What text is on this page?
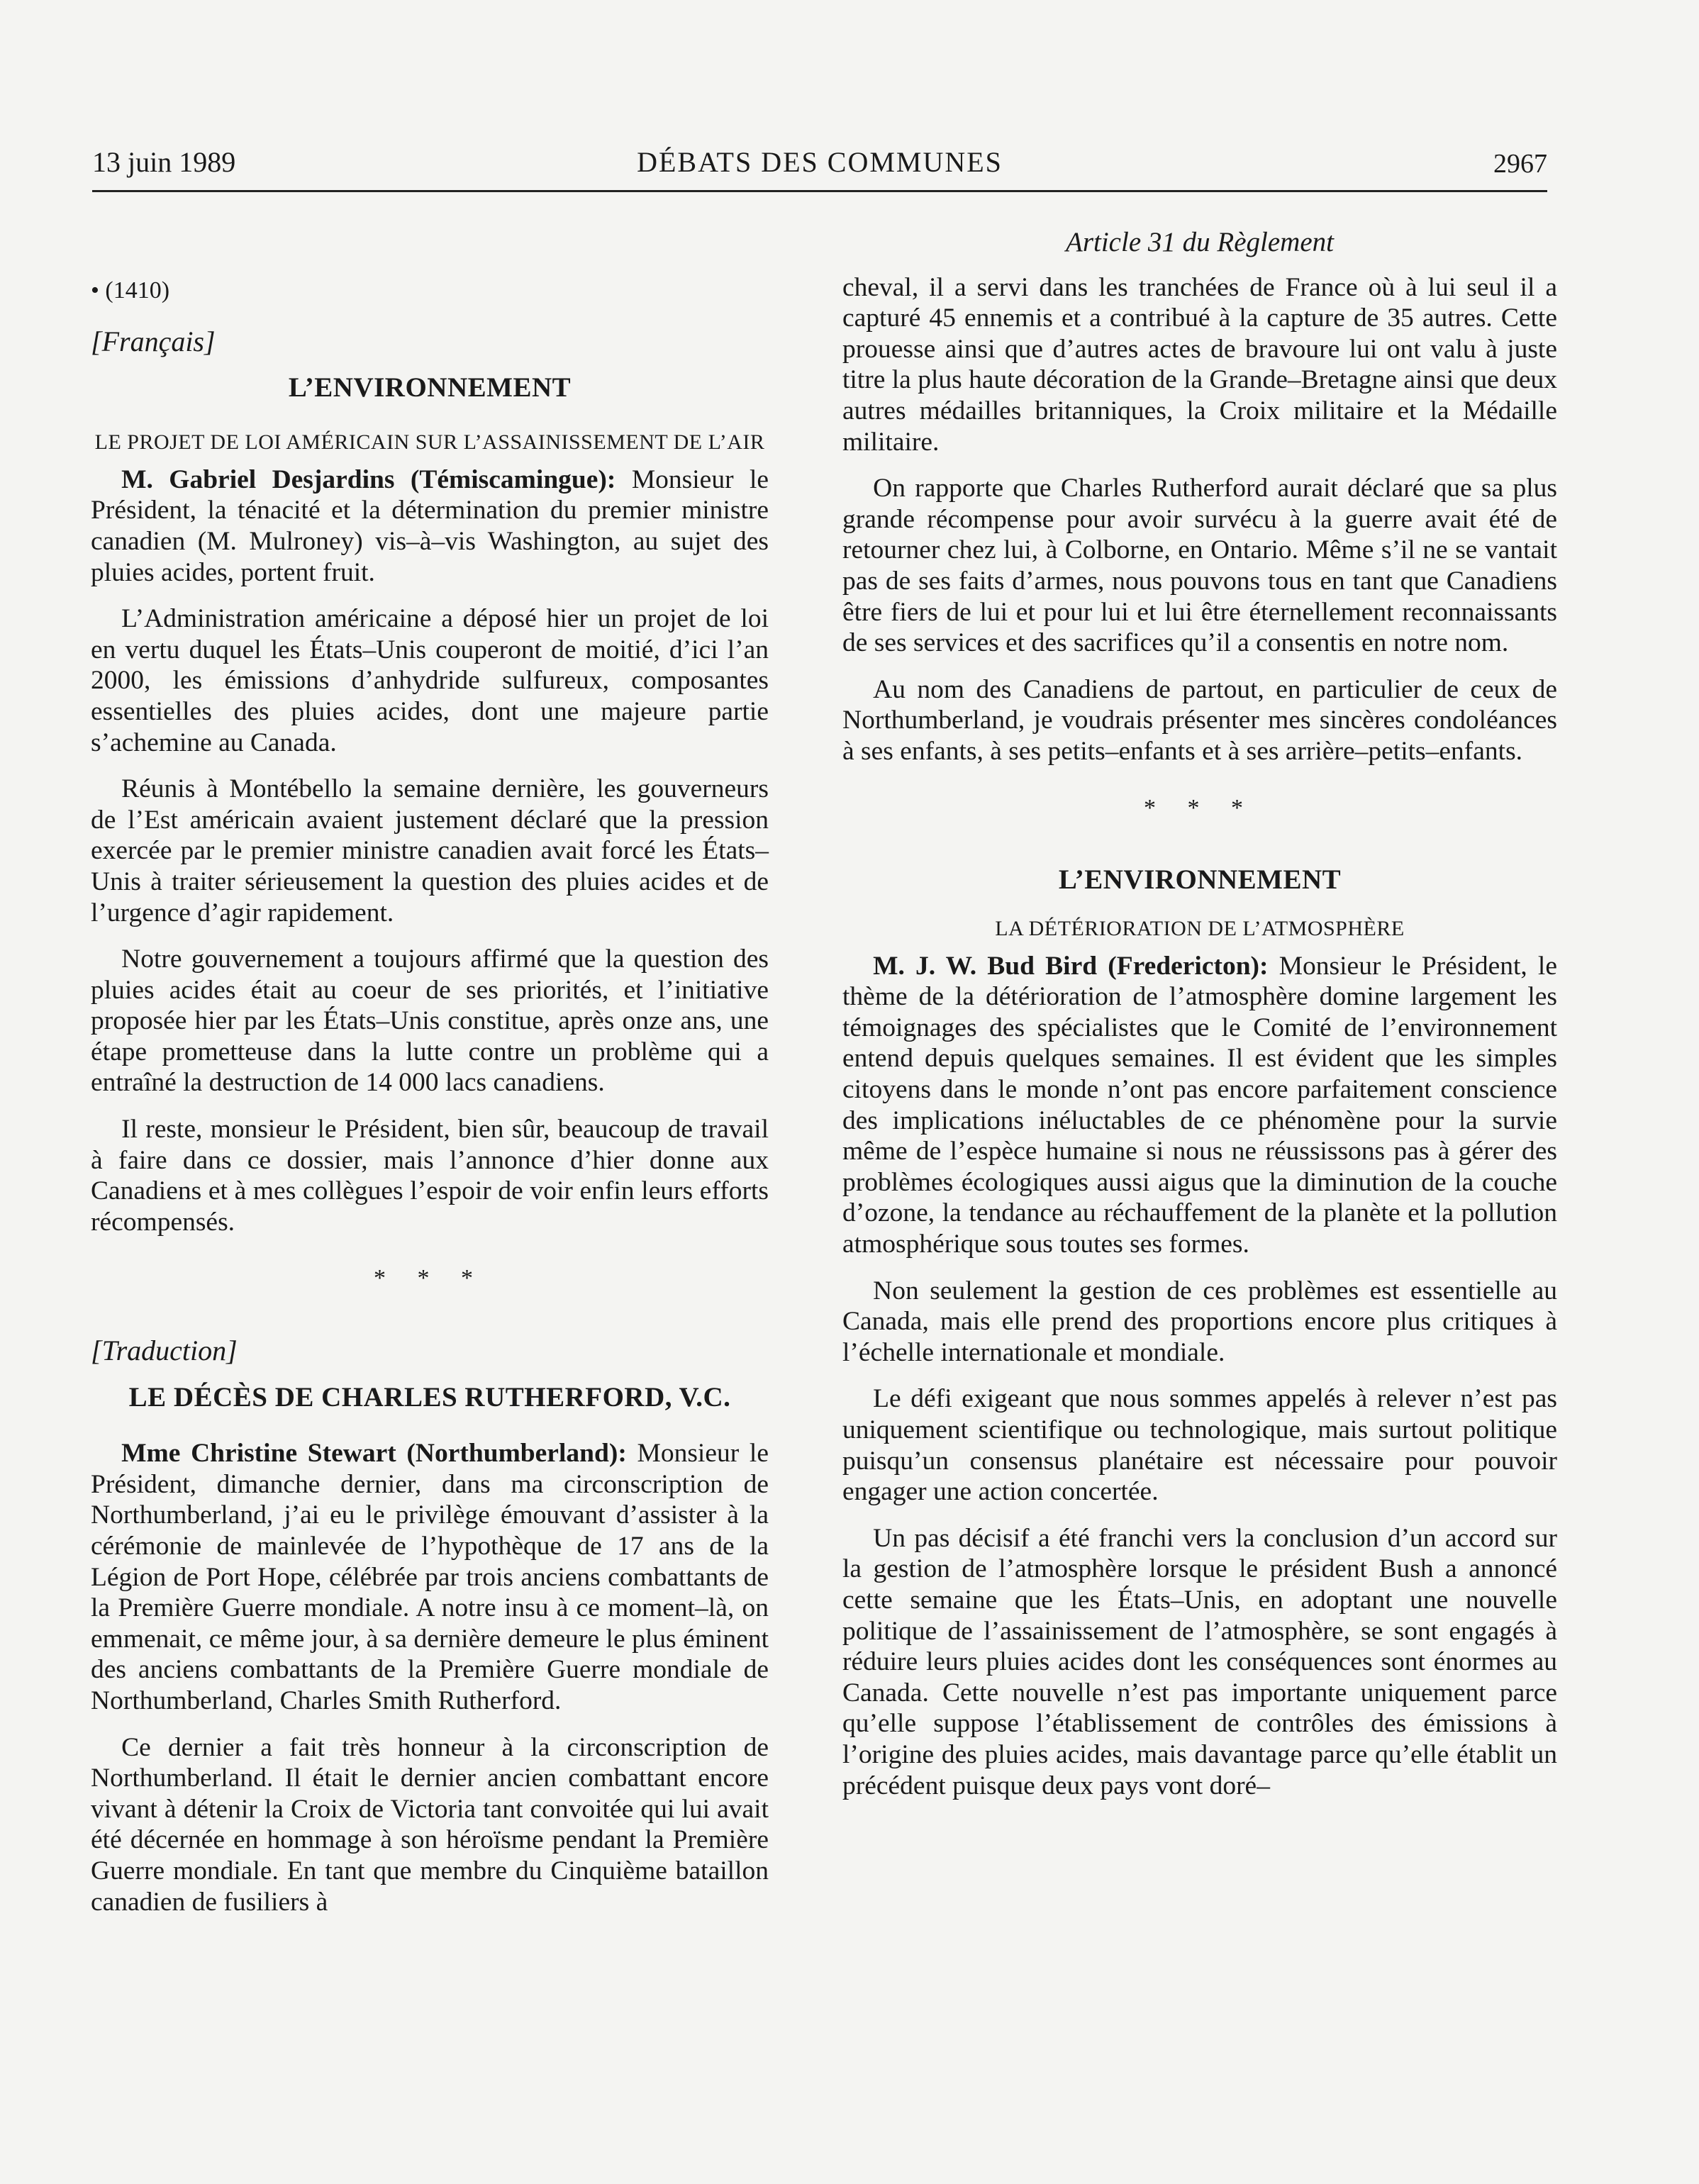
13 juin 1989	DÉBATS DES COMMUNES	2967
• (1410)
[Français]
L’ENVIRONNEMENT
LE PROJET DE LOI AMÉRICAIN SUR L’ASSAINISSEMENT DE L’AIR

M. Gabriel Desjardins (Témiscamingue): Monsieur le Président, la ténacité et la détermination du premier ministre canadien (M. Mulroney) vis–à–vis Washington, au sujet des pluies acides, portent fruit.

L’Administration américaine a déposé hier un projet de loi en vertu duquel les États–Unis couperont de moitié, d’ici l’an 2000, les émissions d’anhydride sulfureux, composantes essentielles des pluies acides, dont une majeure partie s’achemine au Canada.

Réunis à Montébello la semaine dernière, les gouverneurs de l’Est américain avaient justement déclaré que la pression exercée par le premier ministre canadien avait forcé les États–Unis à traiter sérieusement la question des pluies acides et de l’urgence d’agir rapidement.

Notre gouvernement a toujours affirmé que la question des pluies acides était au coeur de ses priorités, et l’initiative proposée hier par les États–Unis constitue, après onze ans, une étape prometteuse dans la lutte contre un problème qui a entraîné la destruction de 14 000 lacs canadiens.

Il reste, monsieur le Président, bien sûr, beaucoup de travail à faire dans ce dossier, mais l’annonce d’hier donne aux Canadiens et à mes collègues l’espoir de voir enfin leurs efforts récompensés.

* * *
[Traduction]
LE DÉCÈS DE CHARLES RUTHERFORD, V.C.

Mme Christine Stewart (Northumberland): Monsieur le Président, dimanche dernier, dans ma circonscription de Northumberland, j’ai eu le privilège émouvant d’assister à la cérémonie de mainlevée de l’hypothèque de 17 ans de la Légion de Port Hope, célébrée par trois anciens combattants de la Première Guerre mondiale. A notre insu à ce moment–là, on emmenait, ce même jour, à sa dernière demeure le plus éminent des anciens combattants de la Première Guerre mondiale de Northumberland, Charles Smith Rutherford.

Ce dernier a fait très honneur à la circonscription de Northumberland. Il était le dernier ancien combattant encore vivant à détenir la Croix de Victoria tant convoitée qui lui avait été décernée en hommage à son héroïsme pendant la Première Guerre mondiale. En tant que membre du Cinquième bataillon canadien de fusiliers à

Article 31 du Règlement

cheval, il a servi dans les tranchées de France où à lui seul il a capturé 45 ennemis et a contribué à la capture de 35 autres. Cette prouesse ainsi que d’autres actes de bravoure lui ont valu à juste titre la plus haute décoration de la Grande–Bretagne ainsi que deux autres médailles britanniques, la Croix militaire et la Médaille militaire.

On rapporte que Charles Rutherford aurait déclaré que sa plus grande récompense pour avoir survécu à la guerre avait été de retourner chez lui, à Colborne, en Ontario. Même s’il ne se vantait pas de ses faits d’armes, nous pouvons tous en tant que Canadiens être fiers de lui et pour lui et lui être éternellement reconnaissants de ses services et des sacrifices qu’il a consentis en notre nom.

Au nom des Canadiens de partout, en particulier de ceux de Northumberland, je voudrais présenter mes sincères condoléances à ses enfants, à ses petits–enfants et à ses arrière–petits–enfants.

* * *
L’ENVIRONNEMENT
LA DÉTÉRIORATION DE L’ATMOSPHÈRE

M. J. W. Bud Bird (Fredericton): Monsieur le Président, le thème de la détérioration de l’atmosphère domine largement les témoignages des spécialistes que le Comité de l’environnement entend depuis quelques semaines. Il est évident que les simples citoyens dans le monde n’ont pas encore parfaitement conscience des implications inéluctables de ce phénomène pour la survie même de l’espèce humaine si nous ne réussissons pas à gérer des problèmes écologiques aussi aigus que la diminution de la couche d’ozone, la tendance au réchauffement de la planète et la pollution atmosphérique sous toutes ses formes.

Non seulement la gestion de ces problèmes est essentielle au Canada, mais elle prend des proportions encore plus critiques à l’échelle internationale et mondiale.

Le défi exigeant que nous sommes appelés à relever n’est pas uniquement scientifique ou technologique, mais surtout politique puisqu’un consensus planétaire est nécessaire pour pouvoir engager une action concertée.

Un pas décisif a été franchi vers la conclusion d’un accord sur la gestion de l’atmosphère lorsque le président Bush a annoncé cette semaine que les États–Unis, en adoptant une nouvelle politique de l’assainissement de l’atmosphère, se sont engagés à réduire leurs pluies acides dont les conséquences sont énormes au Canada. Cette nouvelle n’est pas importante uniquement parce qu’elle suppose l’établissement de contrôles des émissions à l’origine des pluies acides, mais davantage parce qu’elle établit un précédent puisque deux pays vont doré–
